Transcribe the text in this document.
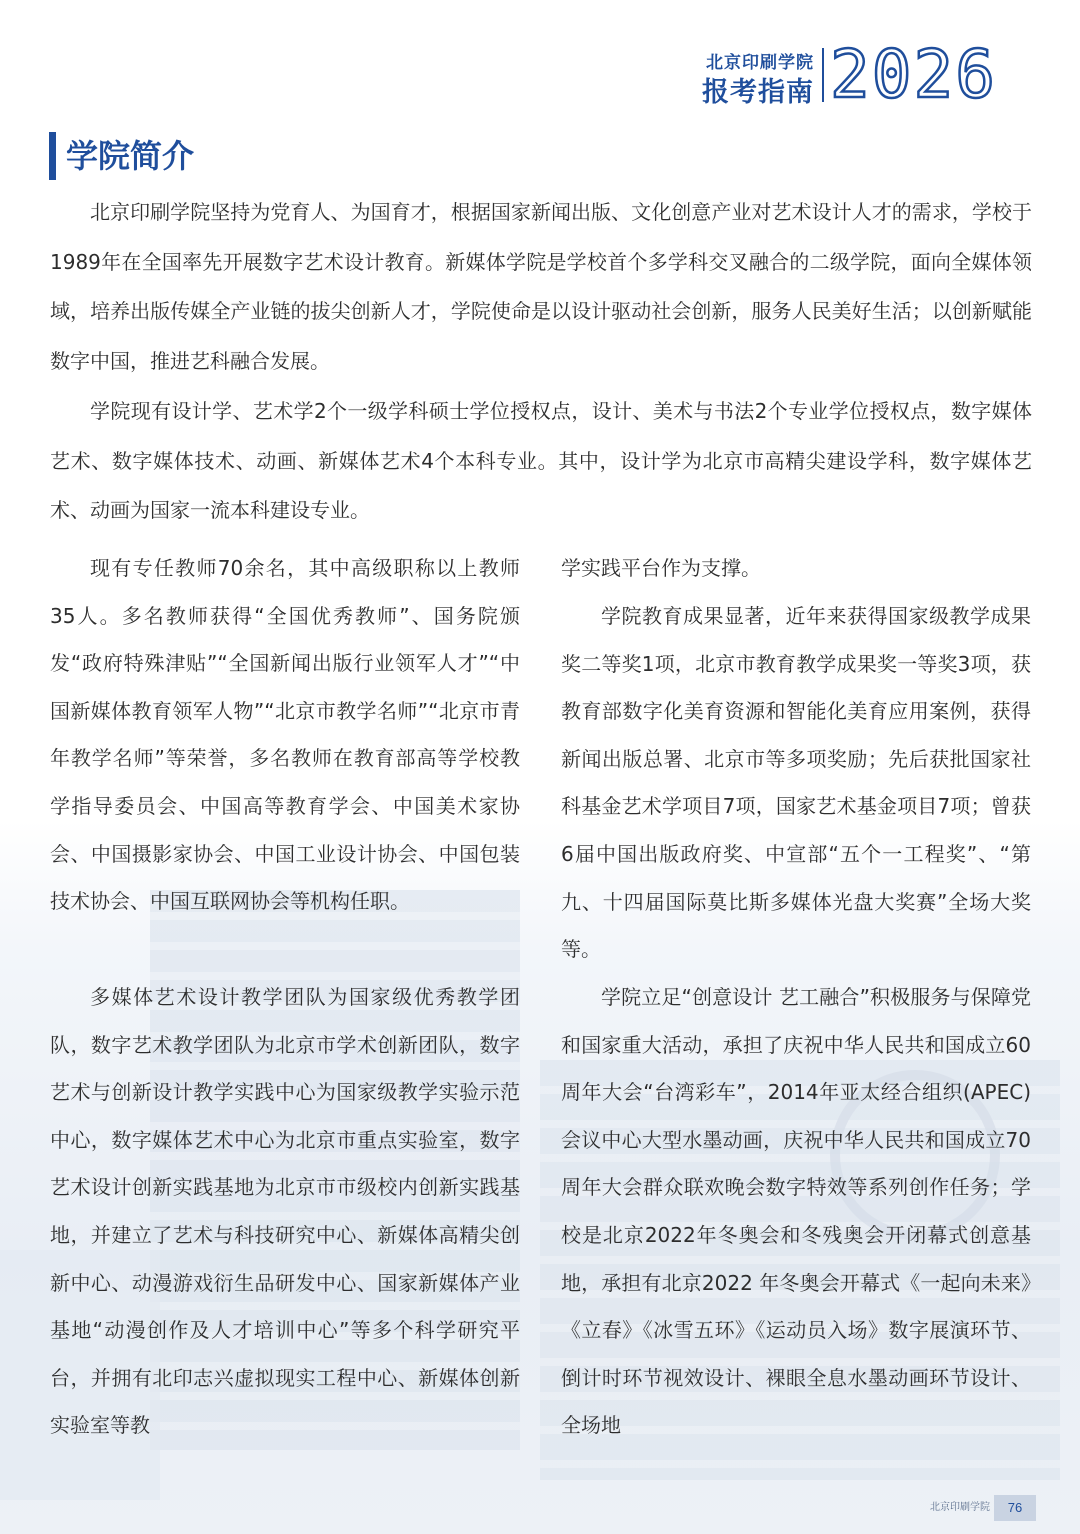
北京印刷学院
报考指南 2026
学院简介

北京印刷学院坚持为党育人、为国育才，根据国家新闻出版、文化创意产业对艺术设计人才的需求，学校于1989年在全国率先开展数字艺术设计教育。新媒体学院是学校首个多学科交叉融合的二级学院，面向全媒体领域，培养出版传媒全产业链的拔尖创新人才，学院使命是以设计驱动社会创新，服务人民美好生活；以创新赋能数字中国，推进艺科融合发展。

学院现有设计学、艺术学2个一级学科硕士学位授权点，设计、美术与书法2个专业学位授权点，数字媒体艺术、数字媒体技术、动画、新媒体艺术4个本科专业。其中，设计学为北京市高精尖建设学科，数字媒体艺术、动画为国家一流本科建设专业。

现有专任教师70余名，其中高级职称以上教师35人。多名教师获得“全国优秀教师”、国务院颁发“政府特殊津贴”“全国新闻出版行业领军人才”“中国新媒体教育领军人物”“北京市教学名师”“北京市青年教学名师”等荣誉，多名教师在教育部高等学校教学指导委员会、中国高等教育学会、中国美术家协会、中国摄影家协会、中国工业设计协会、中国包装技术协会、中国互联网协会等机构任职。

多媒体艺术设计教学团队为国家级优秀教学团队，数字艺术教学团队为北京市学术创新团队，数字艺术与创新设计教学实践中心为国家级教学实验示范中心，数字媒体艺术中心为北京市重点实验室，数字艺术设计创新实践基地为北京市市级校内创新实践基地，并建立了艺术与科技研究中心、新媒体高精尖创新中心、动漫游戏衍生品研发中心、国家新媒体产业基地“动漫创作及人才培训中心”等多个科学研究平台，并拥有北印志兴虚拟现实工程中心、新媒体创新实验室等教

学实践平台作为支撑。

学院教育成果显著，近年来获得国家级教学成果奖二等奖1项，北京市教育教学成果奖一等奖3项，获教育部数字化美育资源和智能化美育应用案例，获得新闻出版总署、北京市等多项奖励；先后获批国家社科基金艺术学项目7项，国家艺术基金项目7项；曾获6届中国出版政府奖、中宣部“五个一工程奖”、“第九、十四届国际莫比斯多媒体光盘大奖赛”全场大奖等。

学院立足“创意设计 艺工融合”积极服务与保障党和国家重大活动，承担了庆祝中华人民共和国成立60周年大会“台湾彩车”，2014年亚太经合组织(APEC)会议中心大型水墨动画，庆祝中华人民共和国成立70周年大会群众联欢晚会数字特效等系列创作任务；学校是北京2022年冬奥会和冬残奥会开闭幕式创意基地，承担有北京2022 年冬奥会开幕式《一起向未来》《立春》《冰雪五环》《运动员入场》数字展演环节、倒计时环节视效设计、裸眼全息水墨动画环节设计、全场地

北京印刷学院	76
